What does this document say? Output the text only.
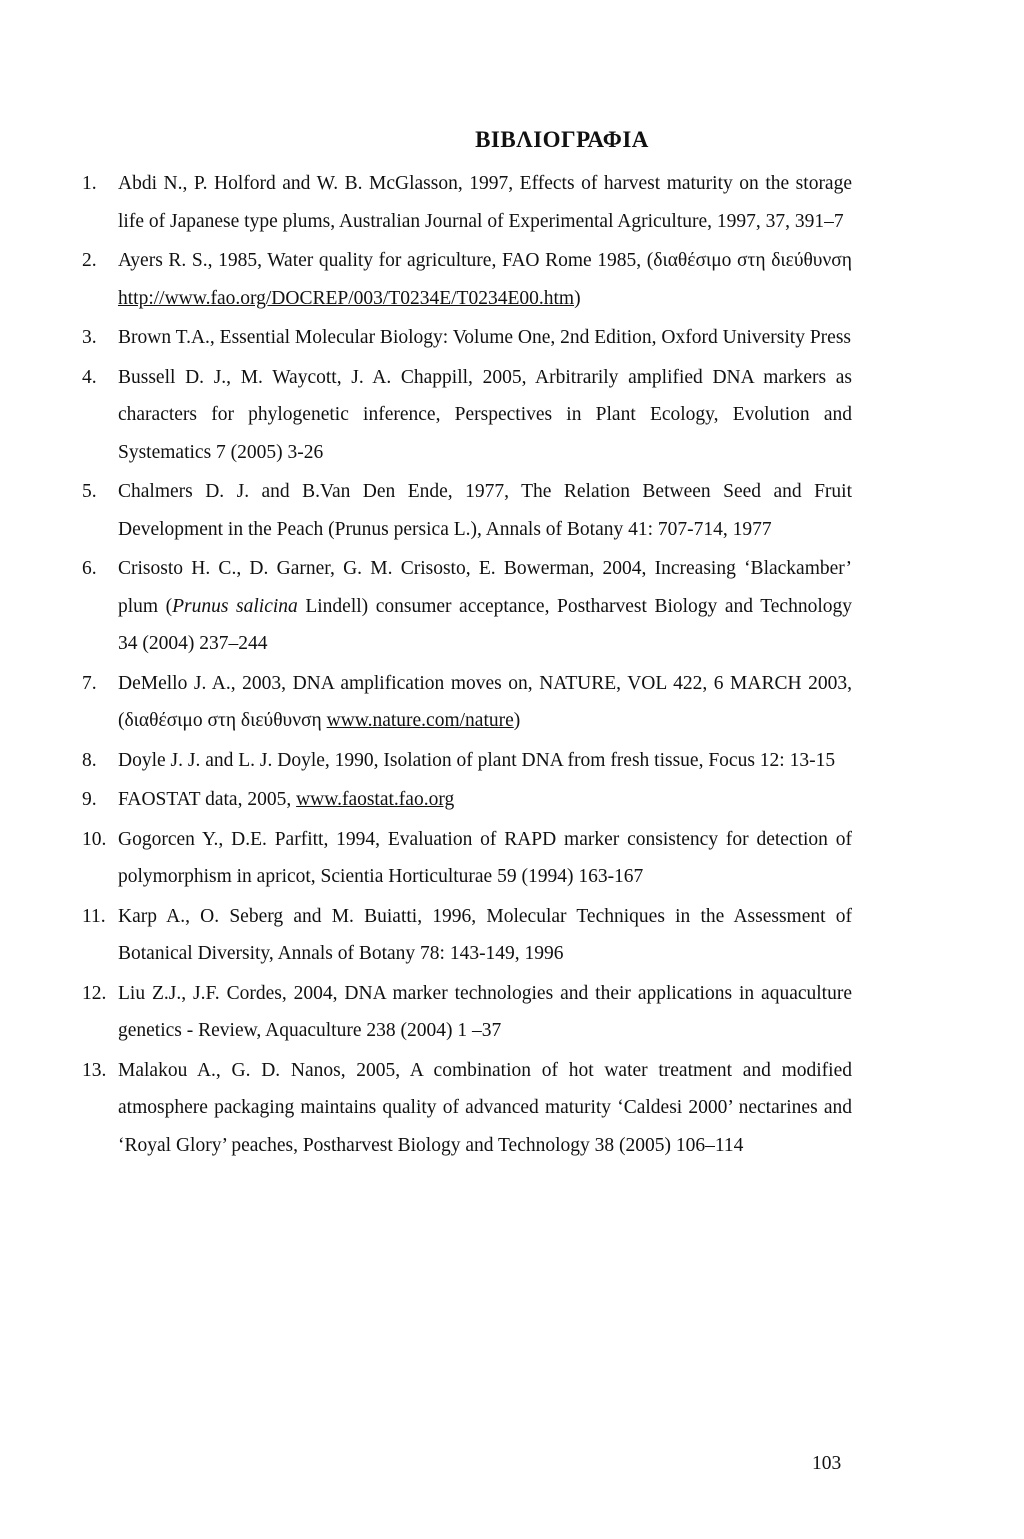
ΒΙΒΛΙΟΓΡΑΦΙΑ
1.	Abdi N., P. Holford and W. B. McGlasson, 1997, Effects of harvest maturity on the storage life of Japanese type plums, Australian Journal of Experimental Agriculture, 1997, 37, 391–7
2.	Ayers R. S., 1985, Water quality for agriculture, FAO Rome 1985, (διαθέσιμο στη διεύθυνση http://www.fao.org/DOCREP/003/T0234E/T0234E00.htm)
3.	Brown T.A., Essential Molecular Biology: Volume One, 2nd Edition, Oxford University Press
4.	Bussell D. J., M. Waycott, J. A. Chappill, 2005, Arbitrarily amplified DNA markers as characters for phylogenetic inference, Perspectives in Plant Ecology, Evolution and Systematics 7 (2005) 3-26
5.	Chalmers D. J. and B.Van Den Ende, 1977, The Relation Between Seed and Fruit Development in the Peach (Prunus persica L.), Annals of Botany 41: 707-714, 1977
6.	Crisosto H. C., D. Garner, G. M. Crisosto, E. Bowerman, 2004, Increasing ‘Blackamber’ plum (Prunus salicina Lindell) consumer acceptance, Postharvest Biology and Technology 34 (2004) 237–244
7.	DeMello J. A., 2003, DNA amplification moves on, NATURE, VOL 422, 6 MARCH 2003, (διαθέσιμο στη διεύθυνση www.nature.com/nature)
8.	Doyle J. J. and L. J. Doyle, 1990, Isolation of plant DNA from fresh tissue, Focus 12: 13-15
9.	FAOSTAT data, 2005, www.faostat.fao.org
10. Gogorcen Y., D.E. Parfitt, 1994, Evaluation of RAPD marker consistency for detection of polymorphism in apricot, Scientia Horticulturae 59 (1994) 163-167
11. Karp A., O. Seberg and M. Buiatti, 1996, Molecular Techniques in the Assessment of Botanical Diversity, Annals of Botany 78: 143-149, 1996
12. Liu Z.J., J.F. Cordes, 2004, DNA marker technologies and their applications in aquaculture genetics - Review, Aquaculture 238 (2004) 1 –37
13. Malakou A., G. D. Nanos, 2005, A combination of hot water treatment and modified atmosphere packaging maintains quality of advanced maturity ‘Caldesi 2000’ nectarines and ‘Royal Glory’ peaches, Postharvest Biology and Technology 38 (2005) 106–114
103
